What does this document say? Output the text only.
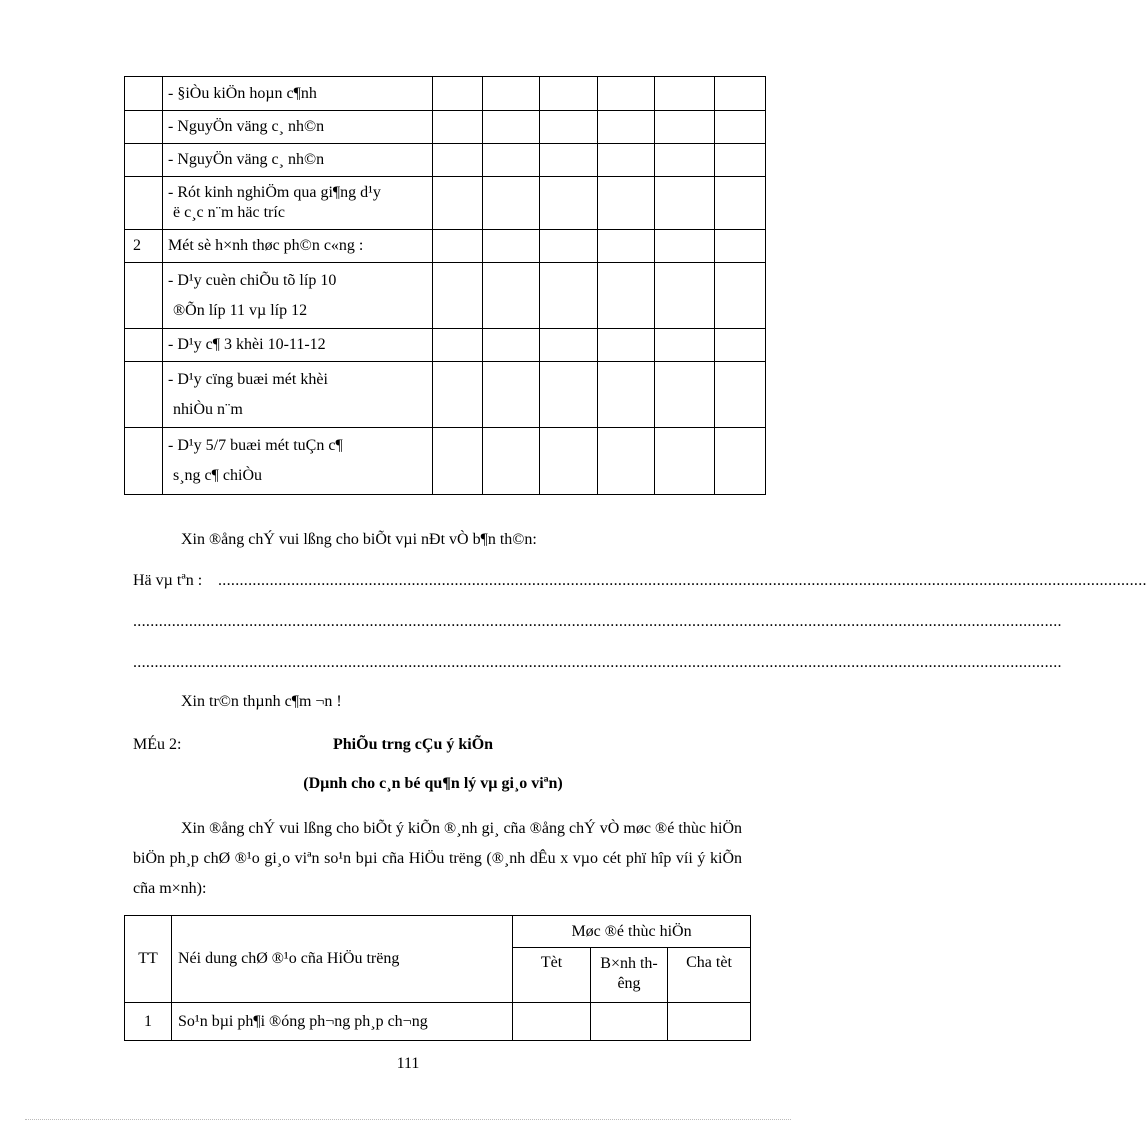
	- §iÒu kiÖn hoµn c¶nh						
	- NguyÖn väng c¸ nh©n						
	- NguyÖn väng c¸ nh©n						

	- Rót kinh nghiÖm qua gi¶ng d¹y
ë c¸c n¨m häc tríc						

2	Mét sè h×nh thøc ph©n c«ng :						

	- D¹y cuèn chiÕu tõ líp 10
®Õn líp 11 vµ líp 12						

	- D¹y c¶ 3 khèi 10-11-12						

	- D¹y cïng buæi mét khèi
nhiÒu n¨m						

	- D¹y 5/7 buæi mét tuÇn c¶
s¸ng c¶ chiÒu						

Xin ®ång chÝ vui lßng cho biÕt vµi nÐt vÒ b¶n th©n:
Hä vµ tªn : ........................................................................................................................................................................................................................
........................................................................................................................................................................................................................
........................................................................................................................................................................................................................
Xin tr©n thµnh c¶m ¬n !
MÉu 2:	PhiÕu trng cÇu ý kiÕn
(Dµnh cho c¸n bé qu¶n lý vµ gi¸o viªn)
Xin ®ång chÝ vui lßng cho biÕt ý kiÕn ®¸nh gi¸ cña ®ång chÝ vÒ møc ®é thùc hiÖn biÖn ph¸p chØ ®¹o gi¸o viªn so¹n bµi cña HiÖu trëng (®¸nh dÊu x vµo cét phï hîp víi ý kiÕn cña m×nh):
TT	Néi dung chØ ®¹o cña HiÖu trëng	Møc ®é thùc hiÖn		
		Tèt	B×nh thêng	Cha tèt
1	So¹n bµi ph¶i ®óng ph¬ng ph¸p ch¬ng			
111
